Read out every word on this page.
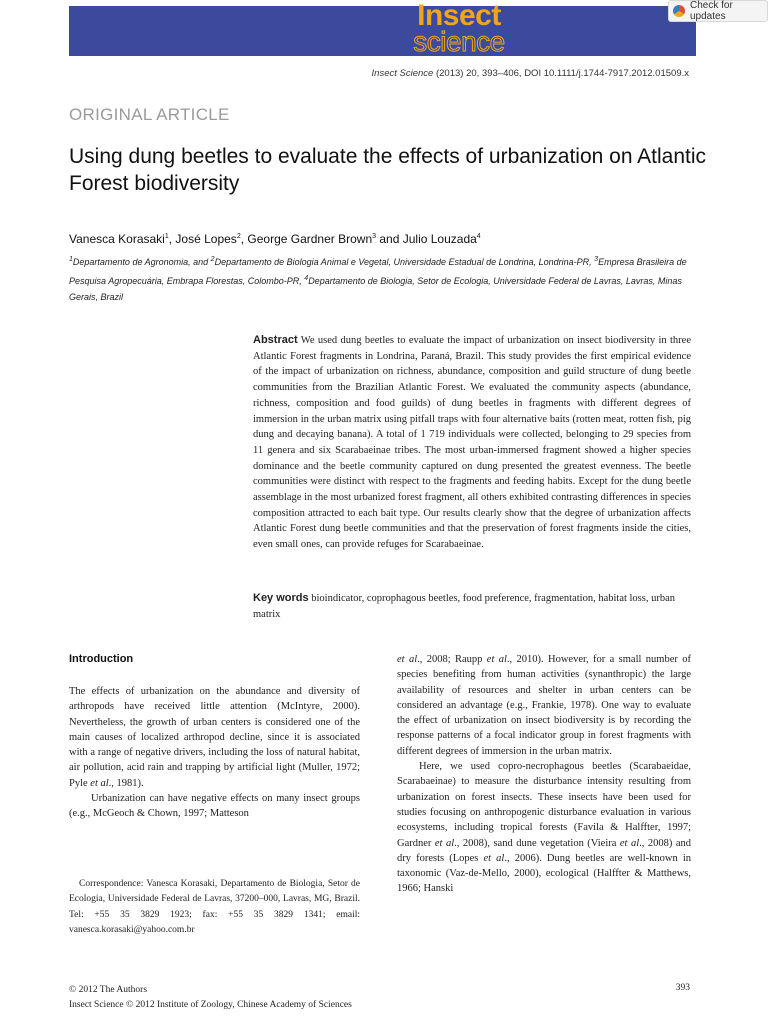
Insect
science
Check for updates
Insect Science (2013) 20, 393–406, DOI 10.1111/j.1744-7917.2012.01509.x
ORIGINAL ARTICLE
Using dung beetles to evaluate the effects of urbanization on Atlantic Forest biodiversity
Vanesca Korasaki$^1$, José Lopes$^2$, George Gardner Brown$^3$ and Julio Louzada$^4$
$^1$Departamento de Agronomia, and $^2$Departamento de Biologia Animal e Vegetal, Universidade Estadual de Londrina, Londrina-PR, $^3$Empresa Brasileira de Pesquisa Agropecuária, Embrapa Florestas, Colombo-PR, $^4$Departamento de Biologia, Setor de Ecologia, Universidade Federal de Lavras, Lavras, Minas Gerais, Brazil
Abstract We used dung beetles to evaluate the impact of urbanization on insect biodiversity in three Atlantic Forest fragments in Londrina, Paraná, Brazil. This study provides the first empirical evidence of the impact of urbanization on richness, abundance, composition and guild structure of dung beetle communities from the Brazilian Atlantic Forest. We evaluated the community aspects (abundance, richness, composition and food guilds) of dung beetles in fragments with different degrees of immersion in the urban matrix using pitfall traps with four alternative baits (rotten meat, rotten fish, pig dung and decaying banana). A total of 1 719 individuals were collected, belonging to 29 species from 11 genera and six Scarabaeinae tribes. The most urban-immersed fragment showed a higher species dominance and the beetle community captured on dung presented the greatest evenness. The beetle communities were distinct with respect to the fragments and feeding habits. Except for the dung beetle assemblage in the most urbanized forest fragment, all others exhibited contrasting differences in species composition attracted to each bait type. Our results clearly show that the degree of urbanization affects Atlantic Forest dung beetle communities and that the preservation of forest fragments inside the cities, even small ones, can provide refuges for Scarabaeinae.
Key words bioindicator, coprophagous beetles, food preference, fragmentation, habitat loss, urban matrix
Introduction

The effects of urbanization on the abundance and diversity of arthropods have received little attention (McIntyre, 2000). Nevertheless, the growth of urban centers is considered one of the main causes of localized arthropod decline, since it is associated with a range of negative drivers, including the loss of natural habitat, air pollution, acid rain and trapping by artificial light (Muller, 1972; Pyle et al., 1981).

Urbanization can have negative effects on many insect groups (e.g., McGeoch & Chown, 1997; Matteson

Correspondence: Vanesca Korasaki, Departamento de Biologia, Setor de Ecologia, Universidade Federal de Lavras, 37200–000, Lavras, MG, Brazil. Tel: +55 35 3829 1923; fax: +55 35 3829 1341; email: vanesca.korasaki@yahoo.com.br

et al., 2008; Raupp et al., 2010). However, for a small number of species benefiting from human activities (synanthropic) the large availability of resources and shelter in urban centers can be considered an advantage (e.g., Frankie, 1978). One way to evaluate the effect of urbanization on insect biodiversity is by recording the response patterns of a focal indicator group in forest fragments with different degrees of immersion in the urban matrix.

Here, we used copro-necrophagous beetles (Scarabaeidae, Scarabaeinae) to measure the disturbance intensity resulting from urbanization on forest insects. These insects have been used for studies focusing on anthropogenic disturbance evaluation in various ecosystems, including tropical forests (Favila & Halffter, 1997; Gardner et al., 2008), sand dune vegetation (Vieira et al., 2008) and dry forests (Lopes et al., 2006). Dung beetles are well-known in taxonomic (Vaz-de-Mello, 2000), ecological (Halffter & Matthews, 1966; Hanski

© 2012 The Authors
Insect Science © 2012 Institute of Zoology, Chinese Academy of Sciences
393
